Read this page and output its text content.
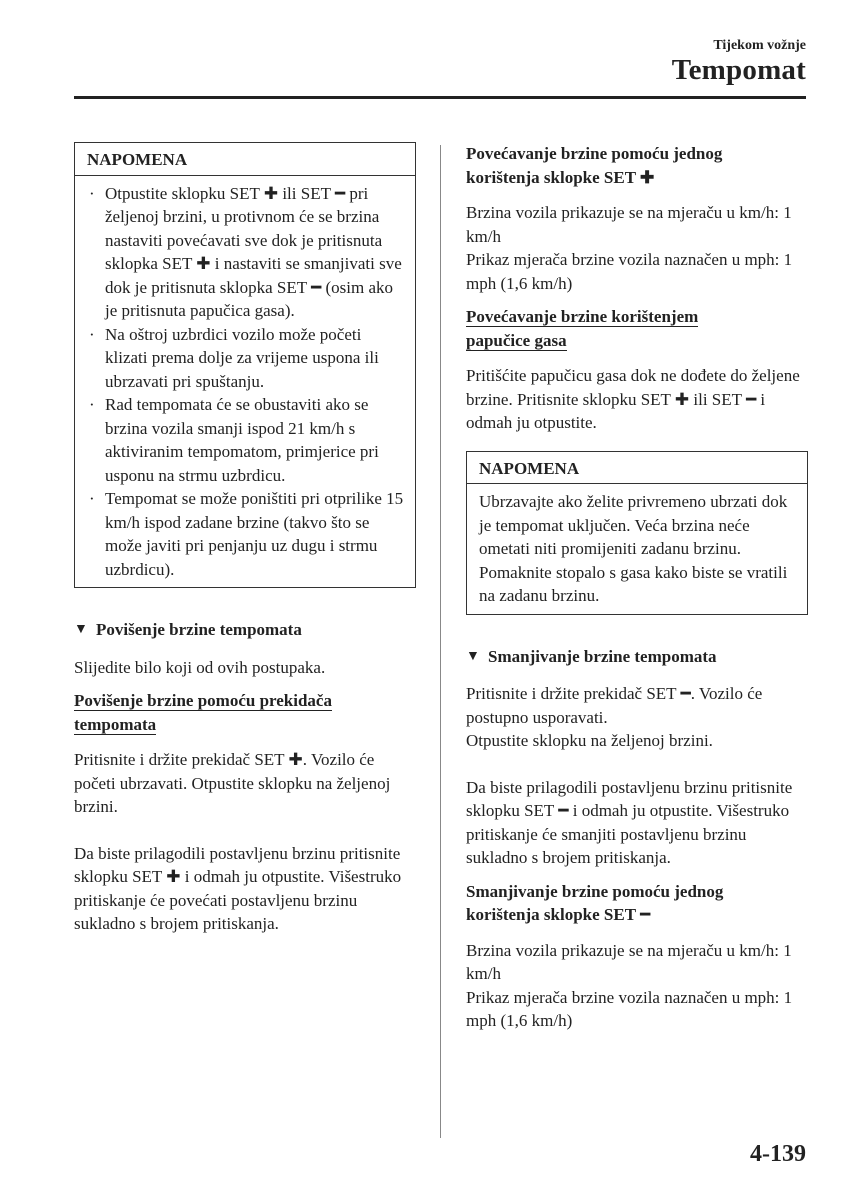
Tijekom vožnje
Tempomat
NAPOMENA
· Otpustite sklopku SET ✚ ili SET ━ pri željenoj brzini, u protivnom će se brzina nastaviti povećavati sve dok je pritisnuta sklopka SET ✚ i nastaviti se smanjivati sve dok je pritisnuta sklopka SET ━ (osim ako je pritisnuta papučica gasa).
· Na oštroj uzbrdici vozilo može početi klizati prema dolje za vrijeme uspona ili ubrzavati pri spuštanju.
· Rad tempomata će se obustaviti ako se brzina vozila smanji ispod 21 km/h s aktiviranim tempomatom, primjerice pri usponu na strmu uzbrdicu.
· Tempomat se može poništiti pri otprilike 15 km/h ispod zadane brzine (takvo što se može javiti pri penjanju uz dugu i strmu uzbrdicu).
▼ Povišenje brzine tempomata

Slijedite bilo koji od ovih postupaka.

Povišenje brzine pomoću prekidača
tempomata

Pritisnite i držite prekidač SET ✚. Vozilo će početi ubrzavati. Otpustite sklopku na željenoj brzini.

Da biste prilagodili postavljenu brzinu pritisnite sklopku SET ✚ i odmah ju otpustite. Višestruko pritiskanje će povećati postavljenu brzinu sukladno s brojem pritiskanja.

Povećavanje brzine pomoću jednog
korištenja sklopke SET ✚

Brzina vozila prikazuje se na mjeraču u km/h: 1 km/h

Prikaz mjerača brzine vozila naznačen u mph: 1 mph (1,6 km/h)

Povećavanje brzine korištenjem
papučice gasa

Pritišćite papučicu gasa dok ne dođete do željene brzine. Pritisnite sklopku SET ✚ ili SET ━ i odmah ju otpustite.

NAPOMENA
Ubrzavajte ako želite privremeno ubrzati dok je tempomat uključen. Veća brzina neće ometati niti promijeniti zadanu brzinu. Pomaknite stopalo s gasa kako biste se vratili na zadanu brzinu.
▼ Smanjivanje brzine tempomata

Pritisnite i držite prekidač SET ━. Vozilo će postupno usporavati.

Otpustite sklopku na željenoj brzini.

Da biste prilagodili postavljenu brzinu pritisnite sklopku SET ━ i odmah ju otpustite. Višestruko pritiskanje će smanjiti postavljenu brzinu sukladno s brojem pritiskanja.

Smanjivanje brzine pomoću jednog
korištenja sklopke SET ━

Brzina vozila prikazuje se na mjeraču u km/h: 1 km/h

Prikaz mjerača brzine vozila naznačen u mph: 1 mph (1,6 km/h)

4-139
